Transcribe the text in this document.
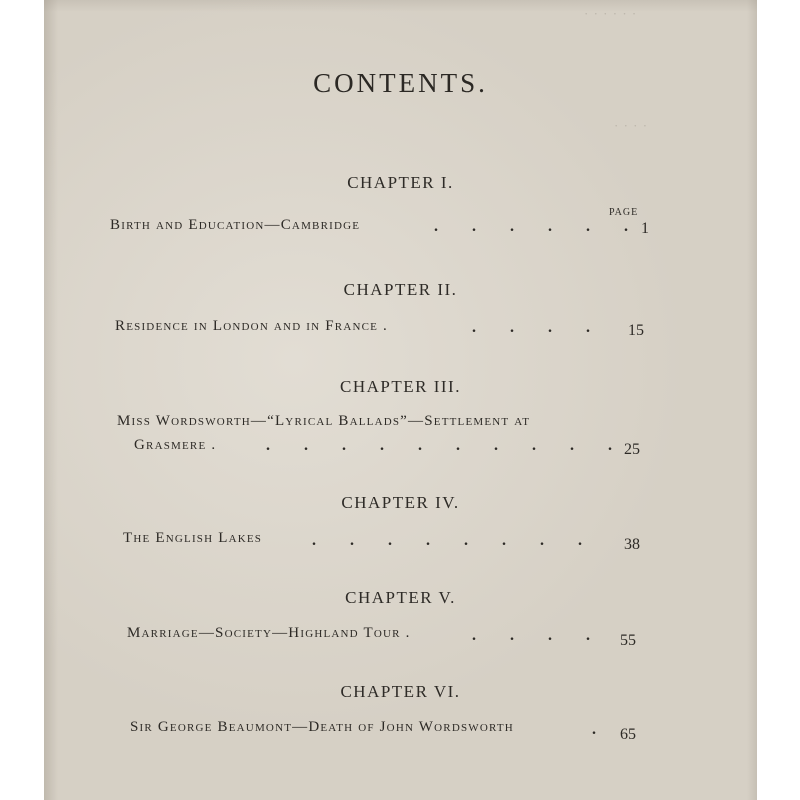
· · · · · ·
· · · ·
CONTENTS.
CHAPTER I.
PAGE
Birth and Education—Cambridge	. . . . . . 1
CHAPTER II.
Residence in London and in France .	. . . .	15
CHAPTER III.
Miss Wordsworth—“Lyrical Ballads”—Settlement at
Grasmere .	. . . . . . . . . . 25
CHAPTER IV.
The English Lakes	. . . . . . . .	38
CHAPTER V.
Marriage—Society—Highland Tour .	. . . .	55
CHAPTER VI.
Sir George Beaumont—Death of John Wordsworth	.	65
